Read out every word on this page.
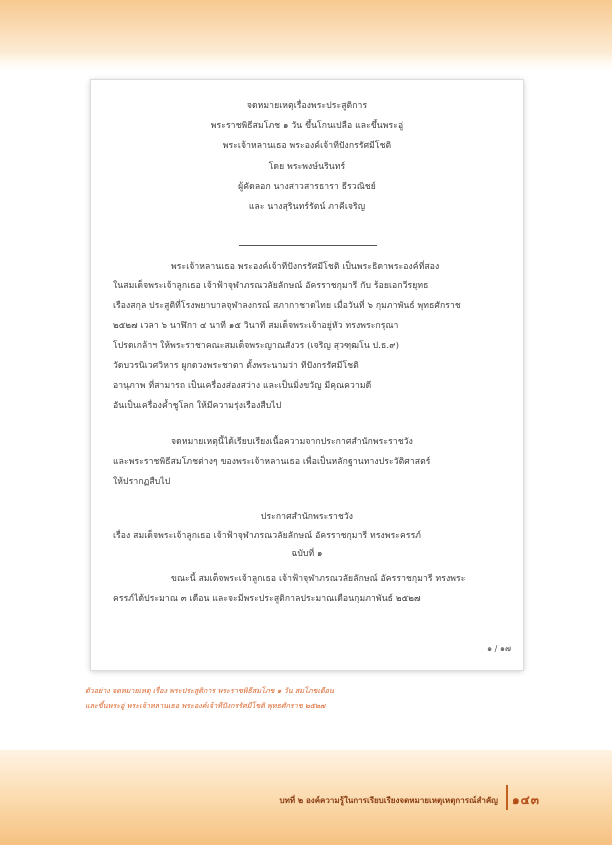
จดหมายเหตุเรื่องพระประสูติการ
พระราชพิธีสมโภช ๑ วัน ขึ้นโกนเปลือ และขึ้นพระอู่
พระเจ้าหลานเธอ พระองค์เจ้าทีปังกรรัศมีโชติ
โดย พระพงษ์นรินทร์
ผู้คัดลอก นางสาวสารธารา ธีรวณิชย์
และ นางสุรินทร์รัตน์ ภาคีเจริญ
พระเจ้าหลานเธอ พระองค์เจ้าทีปังกรรัศมีโชติ เป็นพระธิดาพระองค์ที่สอง
ในสมเด็จพระเจ้าลูกเธอ เจ้าฟ้าจุฬาภรณวลัยลักษณ์ อัครราชกุมารี กับ ร้อยเอกวีรยุทธ
เรืองสกุล ประสูติที่โรงพยาบาลจุฬาลงกรณ์ สภากาชาดไทย เมื่อวันที่ ๖ กุมภาพันธ์ พุทธศักราช
๒๕๒๗ เวลา ๖ นาฬิกา ๔ นาที ๑๕ วินาที สมเด็จพระเจ้าอยู่หัว ทรงพระกรุณา
โปรดเกล้าฯ ให้พระราชาคณะสมเด็จพระญาณสังวร (เจริญ สุวฑฺฒโน ป.ธ.๙)
วัดบวรนิเวศวิหาร ผูกดวงพระชาตา ตั้งพระนามว่า ทีปังกรรัศมีโชติ
อานุภาพ ที่สามารถ เป็นเครื่องส่องสว่าง และเป็นมิ่งขวัญ มีคุณความดี
อันเป็นเครื่องค้ำชูโลก ให้มีความรุ่งเรืองสืบไป
จดหมายเหตุนี้ได้เรียบเรียงเนื้อความจากประกาศสำนักพระราชวัง
และพระราชพิธีสมโภชต่างๆ ของพระเจ้าหลานเธอ เพื่อเป็นหลักฐานทางประวัติศาสตร์
ให้ปรากฏสืบไป
ประกาศสำนักพระราชวัง
เรื่อง สมเด็จพระเจ้าลูกเธอ เจ้าฟ้าจุฬาภรณวลัยลักษณ์ อัครราชกุมารี ทรงพระครรภ์
ฉบับที่ ๑
ขณะนี้ สมเด็จพระเจ้าลูกเธอ เจ้าฟ้าจุฬาภรณวลัยลักษณ์ อัครราชกุมารี ทรงพระ
ครรภ์ได้ประมาณ ๓ เดือน และจะมีพระประสูติกาลประมาณเดือนกุมภาพันธ์ ๒๕๒๗
๑ / ๑๗
ตัวอย่าง จดหมายเหตุ เรื่อง พระประสูติการ พระราชพิธีสมโภช ๑ วัน สมโภชเดือน
และขึ้นพระอู่ พระเจ้าหลานเธอ พระองค์เจ้าทีปังกรรัศมีโชติ พุทธศักราช ๒๕๒๗
บทที่ ๒ องค์ความรู้ในการเรียบเรียงจดหมายเหตุเหตุการณ์สำคัญ ๑๔๓
